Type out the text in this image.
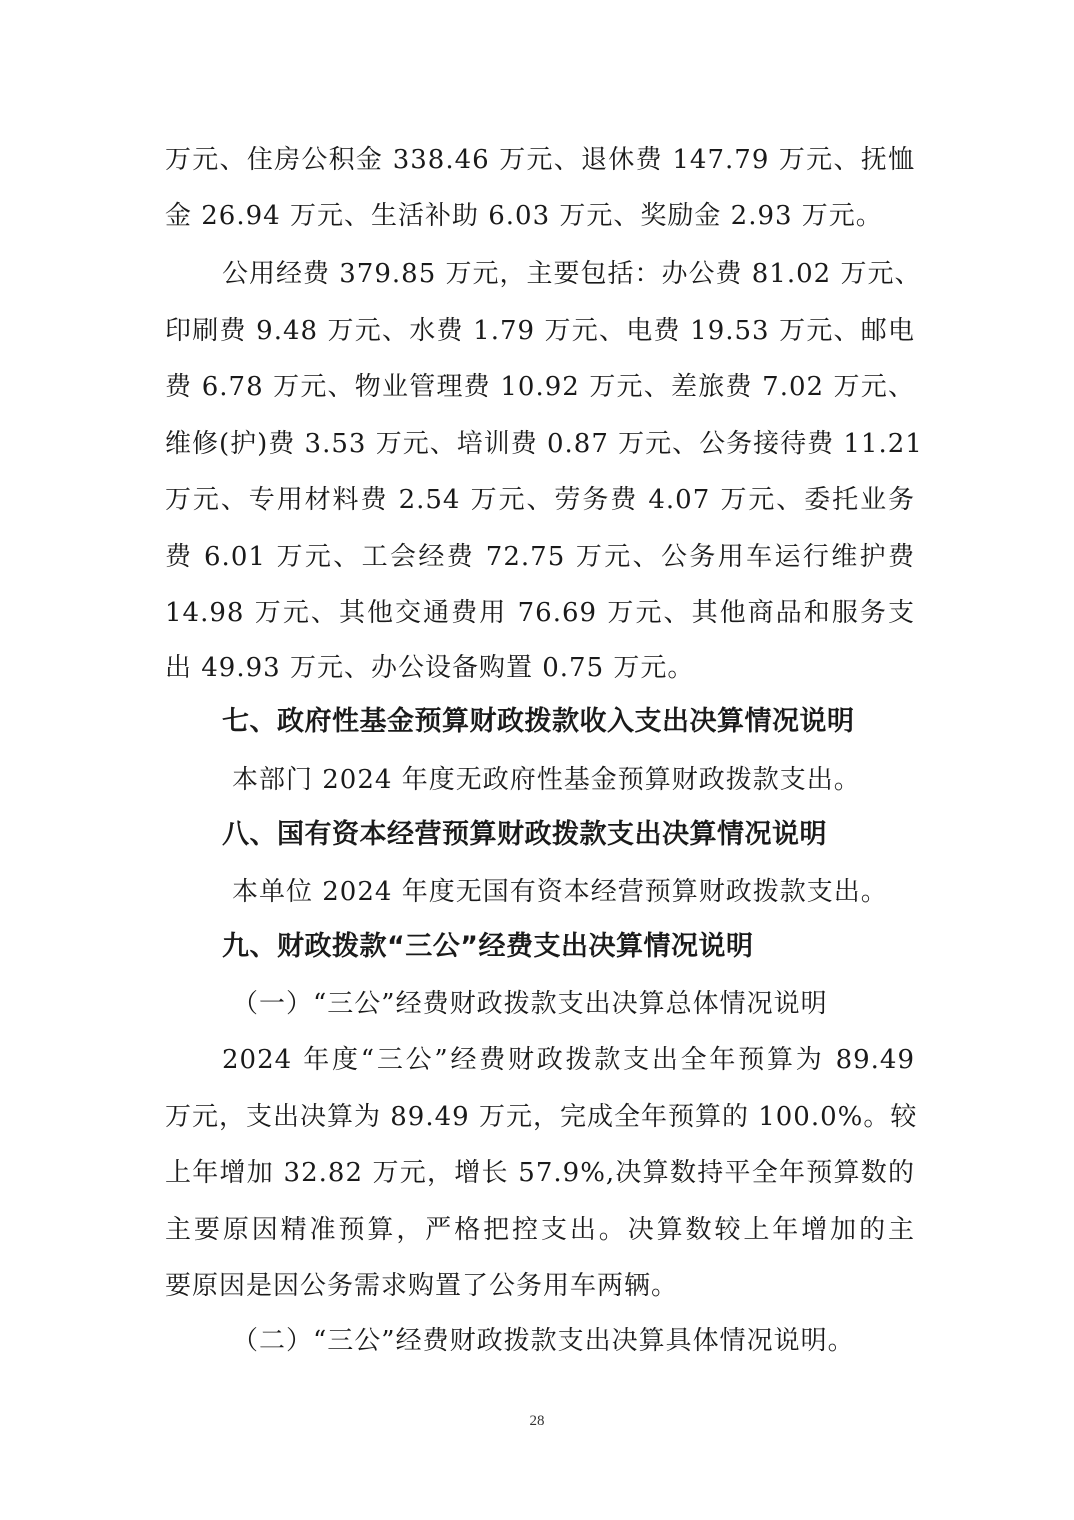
万元、住房公积金 338.46 万元、退休费 147.79 万元、抚恤
金 26.94 万元、生活补助 6.03 万元、奖励金 2.93 万元。
公用经费 379.85 万元，主要包括：办公费 81.02 万元、
印刷费 9.48 万元、水费 1.79 万元、电费 19.53 万元、邮电
费 6.78 万元、物业管理费 10.92 万元、差旅费 7.02 万元、
维修(护)费 3.53 万元、培训费 0.87 万元、公务接待费 11.21
万元、专用材料费 2.54 万元、劳务费 4.07 万元、委托业务
费 6.01 万元、工会经费 72.75 万元、公务用车运行维护费
14.98 万元、其他交通费用 76.69 万元、其他商品和服务支
出 49.93 万元、办公设备购置 0.75 万元。
七、政府性基金预算财政拨款收入支出决算情况说明
本部门 2024 年度无政府性基金预算财政拨款支出。
八、国有资本经营预算财政拨款支出决算情况说明
本单位 2024 年度无国有资本经营预算财政拨款支出。
九、财政拨款“三公”经费支出决算情况说明
（一）“三公”经费财政拨款支出决算总体情况说明
2024 年度“三公”经费财政拨款支出全年预算为 89.49
万元，支出决算为 89.49 万元，完成全年预算的 100.0%。较
上年增加 32.82 万元，增长 57.9%,决算数持平全年预算数的
主要原因精准预算，严格把控支出。决算数较上年增加的主
要原因是因公务需求购置了公务用车两辆。
（二）“三公”经费财政拨款支出决算具体情况说明。
28
